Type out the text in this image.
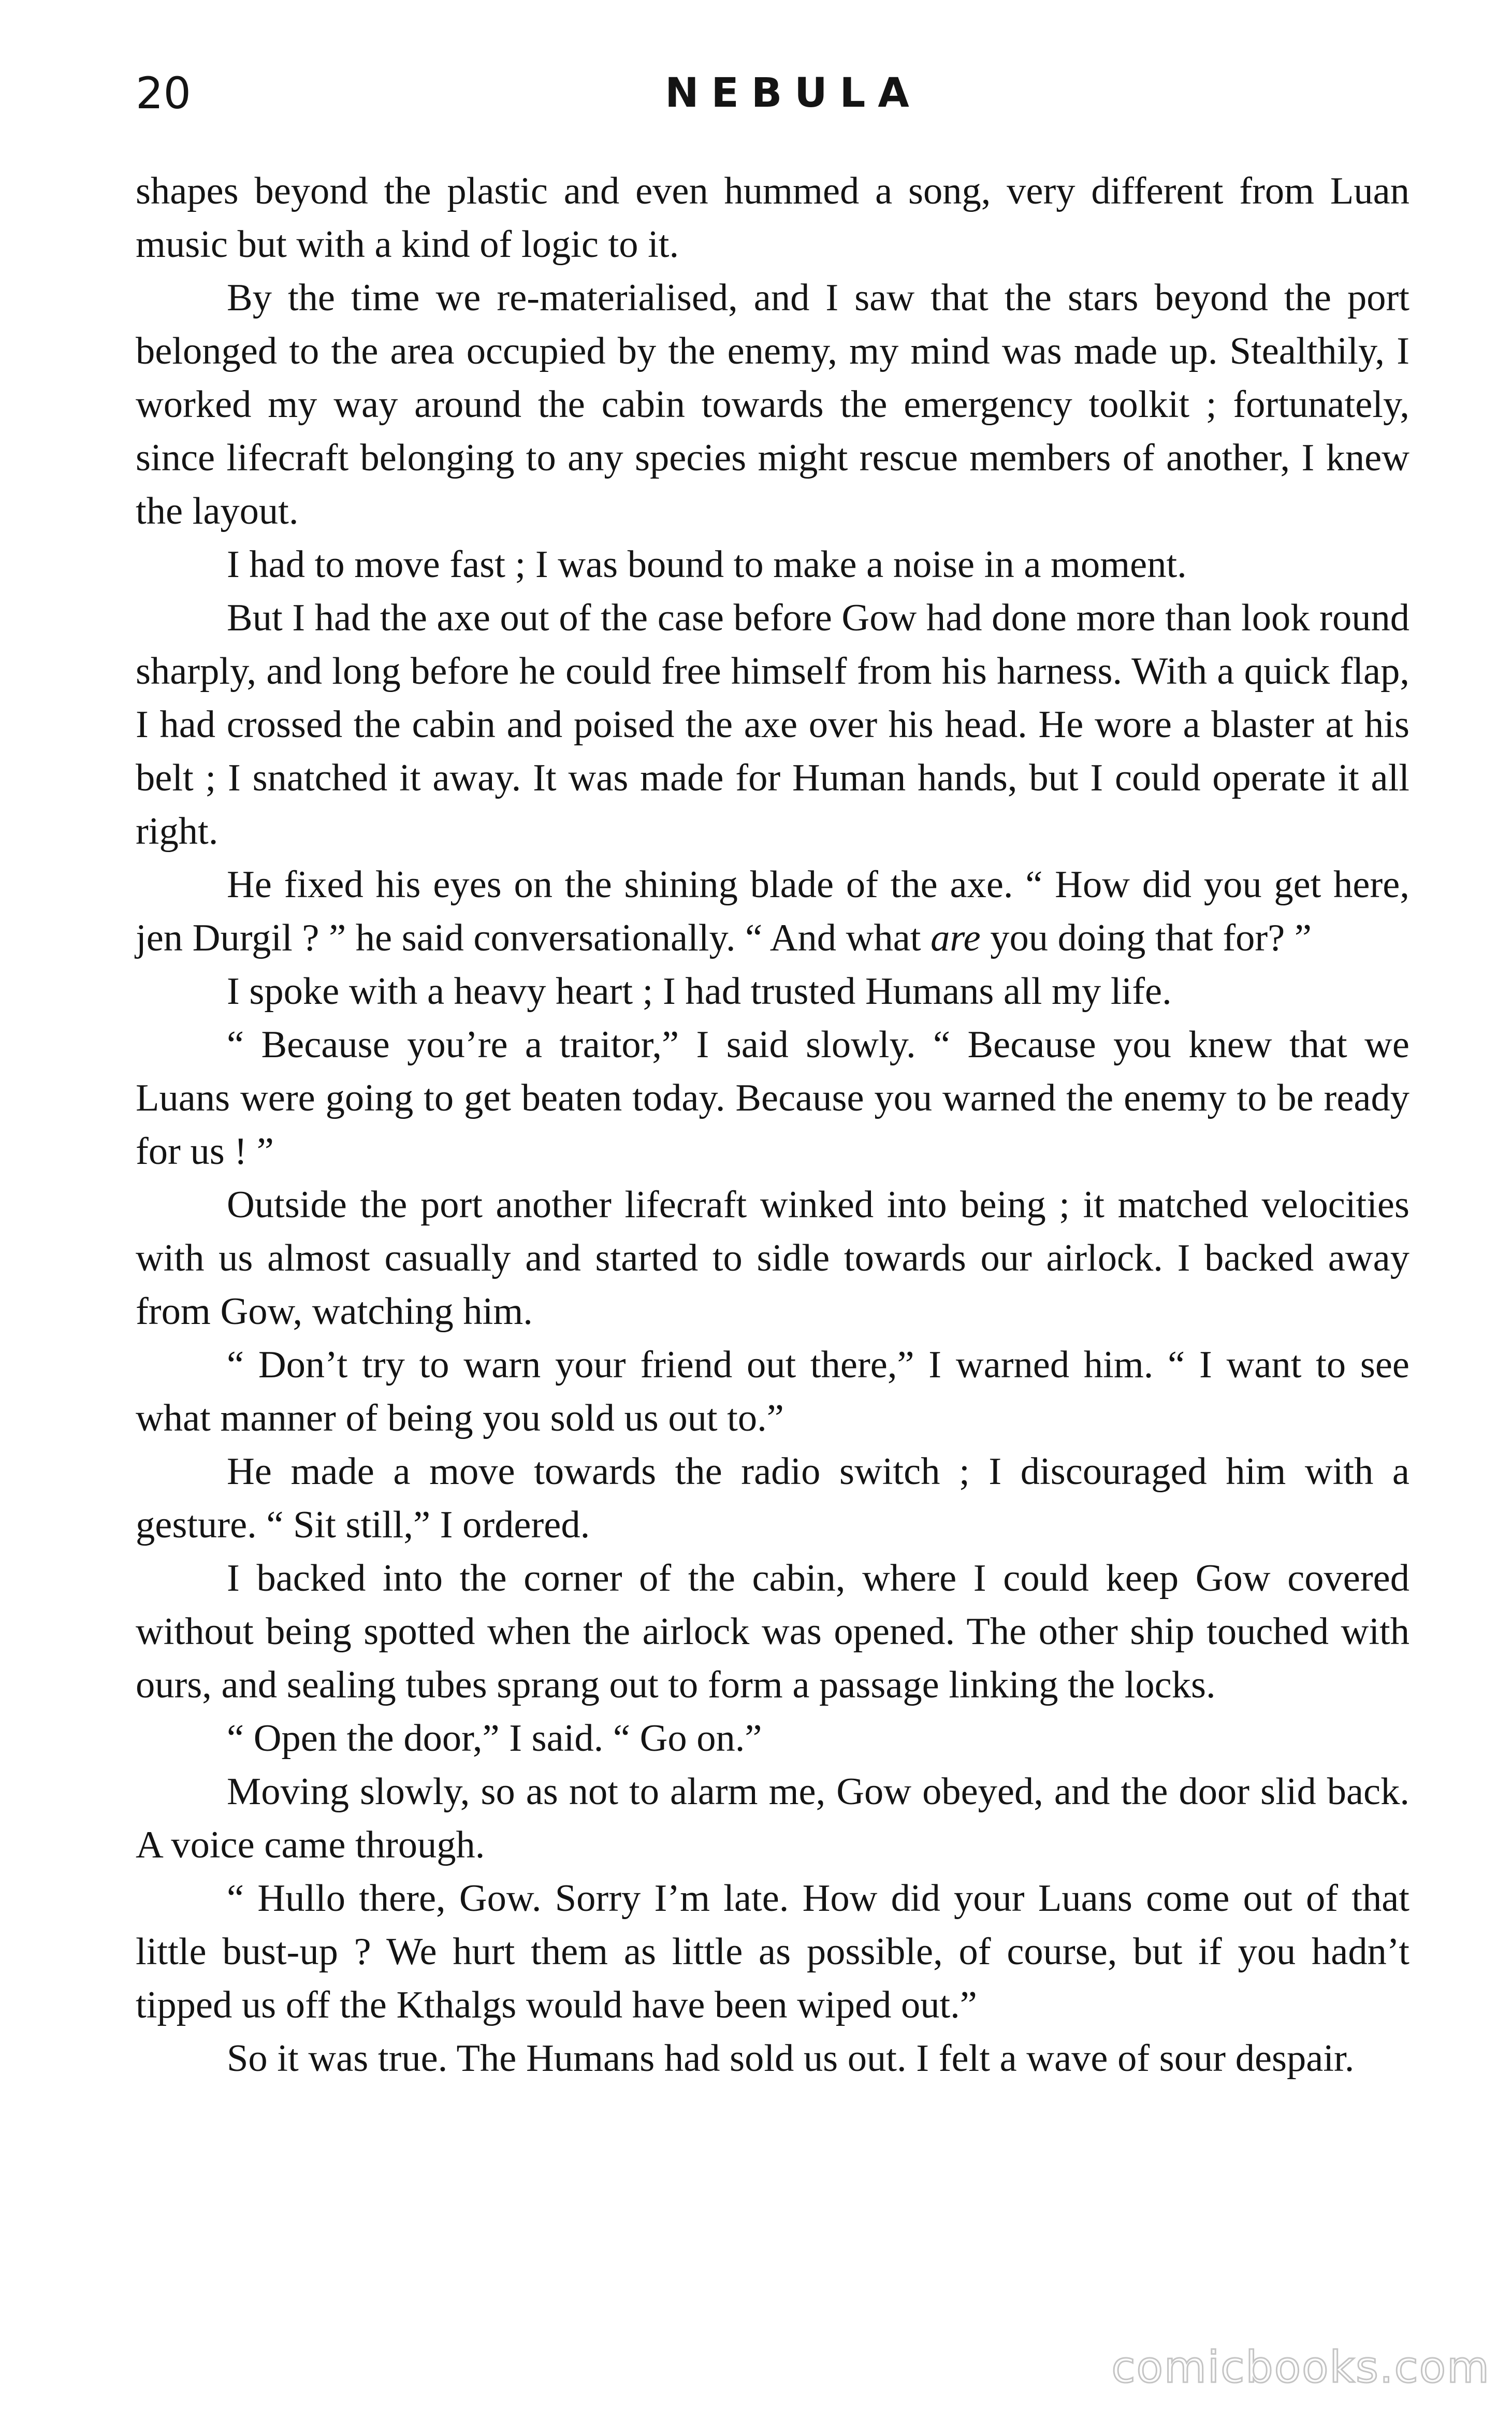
20	NEBULA

shapes beyond the plastic and even hummed a song, very different from Luan music but with a kind of logic to it.

By the time we re-materialised, and I saw that the stars beyond the port belonged to the area occupied by the enemy, my mind was made up. Stealthily, I worked my way around the cabin towards the emergency toolkit ; fortunately, since lifecraft belonging to any species might rescue members of another, I knew the layout.

I had to move fast ; I was bound to make a noise in a moment.

But I had the axe out of the case before Gow had done more than look round sharply, and long before he could free himself from his harness. With a quick flap, I had crossed the cabin and poised the axe over his head. He wore a blaster at his belt ; I snatched it away. It was made for Human hands, but I could operate it all right.

He fixed his eyes on the shining blade of the axe. “ How did you get here, jen Durgil ? ” he said conversationally. “ And what are you doing that for? ”

I spoke with a heavy heart ; I had trusted Humans all my life.

“ Because you’re a traitor,” I said slowly. “ Because you knew that we Luans were going to get beaten today. Because you warned the enemy to be ready for us ! ”

Outside the port another lifecraft winked into being ; it matched velocities with us almost casually and started to sidle towards our airlock. I backed away from Gow, watching him.

“ Don’t try to warn your friend out there,” I warned him. “ I want to see what manner of being you sold us out to.”

He made a move towards the radio switch ; I discouraged him with a gesture. “ Sit still,” I ordered.

I backed into the corner of the cabin, where I could keep Gow covered without being spotted when the airlock was opened. The other ship touched with ours, and sealing tubes sprang out to form a passage linking the locks.

“ Open the door,” I said. “ Go on.”

Moving slowly, so as not to alarm me, Gow obeyed, and the door slid back. A voice came through.

“ Hullo there, Gow. Sorry I’m late. How did your Luans come out of that little bust-up ? We hurt them as little as possible, of course, but if you hadn’t tipped us off the Kthalgs would have been wiped out.”

So it was true. The Humans had sold us out. I felt a wave of sour despair.

comicbooks.com
